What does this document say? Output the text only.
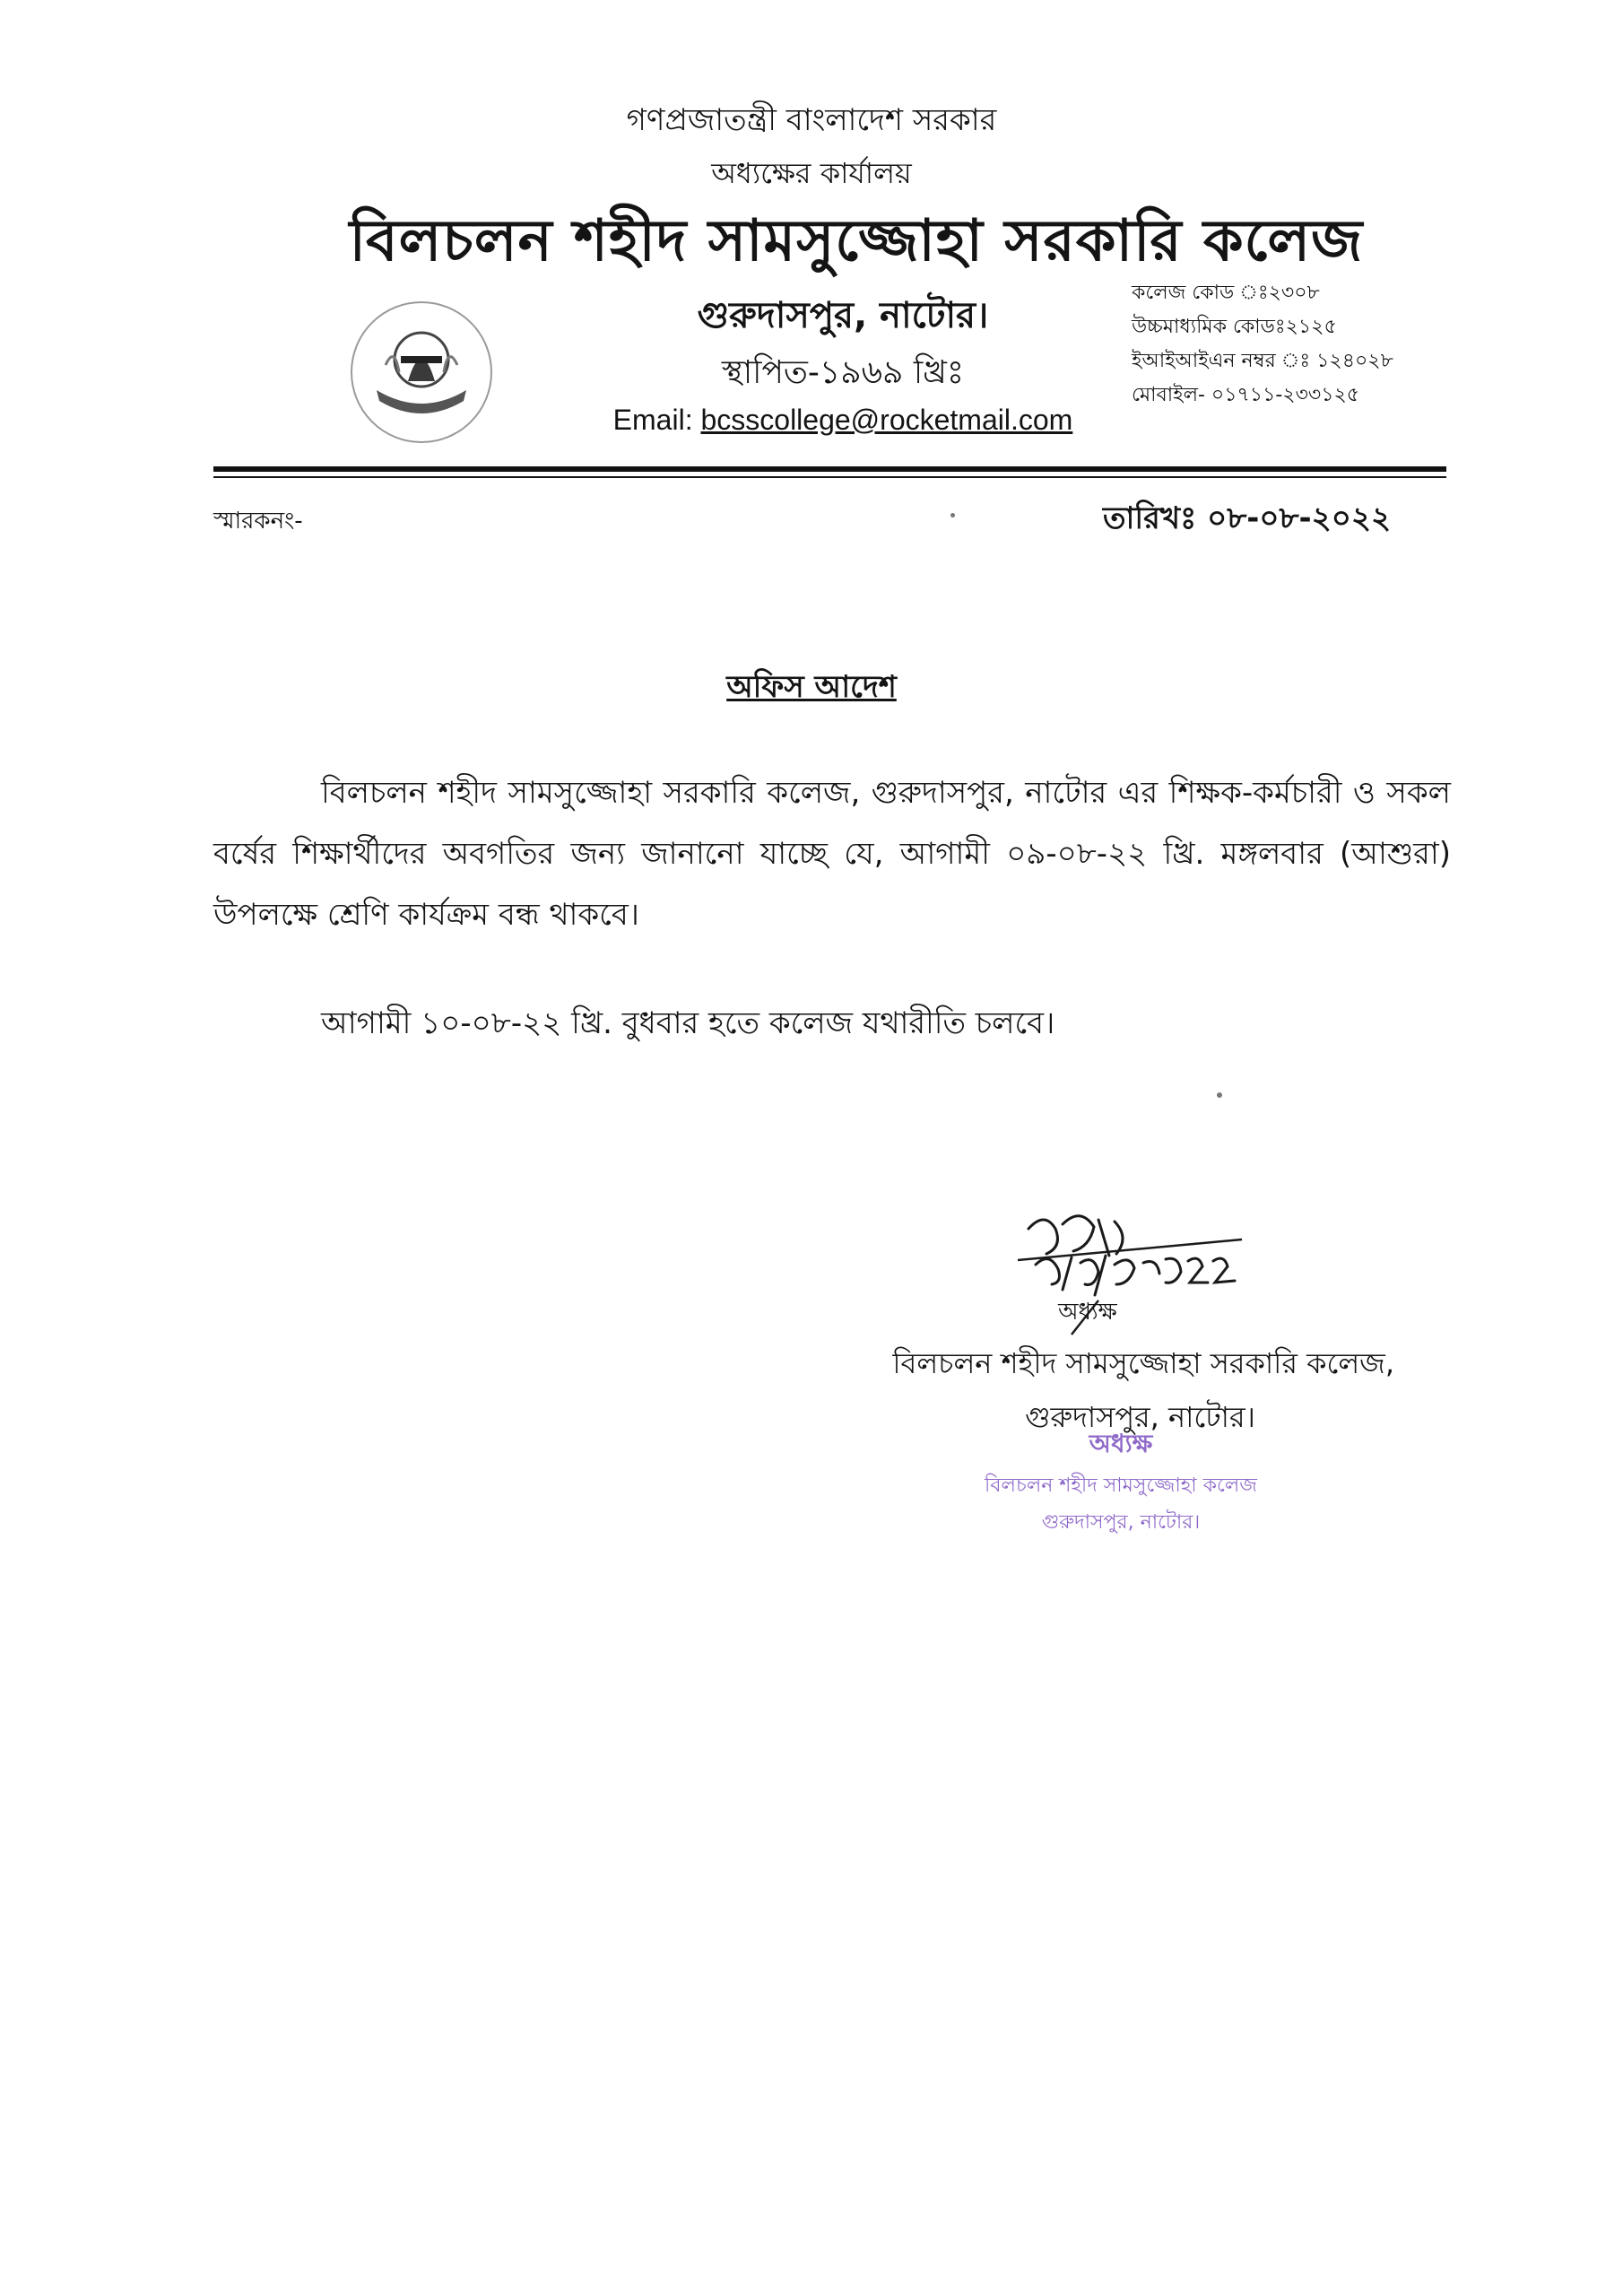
গণপ্রজাতন্ত্রী বাংলাদেশ সরকার
অধ্যক্ষের কার্যালয়
বিলচলন শহীদ সামসুজ্জোহা সরকারি কলেজ
গুরুদাসপুর, নাটোর।
স্থাপিত-১৯৬৯ খ্রিঃ
Email: bcsscollege@rocketmail.com
কলেজ কোড ঃ২৩০৮
উচ্চমাধ্যমিক কোডঃ২১২৫
ইআইআইএন নম্বর ঃ ১২৪০২৮
মোবাইল- ০১৭১১-২৩৩১২৫
স্মারকনং-	তারিখঃ ০৮-০৮-২০২২
অফিস আদেশ
বিলচলন শহীদ সামসুজ্জোহা সরকারি কলেজ, গুরুদাসপুর, নাটোর এর শিক্ষক-কর্মচারী ও সকল বর্ষের শিক্ষার্থীদের অবগতির জন্য জানানো যাচ্ছে যে, আগামী ০৯-০৮-২২ খ্রি. মঙ্গলবার (আশুরা) উপলক্ষে শ্রেণি কার্যক্রম বন্ধ থাকবে।
আগামী ১০-০৮-২২ খ্রি. বুধবার হতে কলেজ যথারীতি চলবে।
অধ্যক্ষ
বিলচলন শহীদ সামসুজ্জোহা সরকারি কলেজ,
গুরুদাসপুর, নাটোর।
অধ্যক্ষ
বিলচলন শহীদ সামসুজ্জোহা কলেজ
গুরুদাসপুর, নাটোর।
